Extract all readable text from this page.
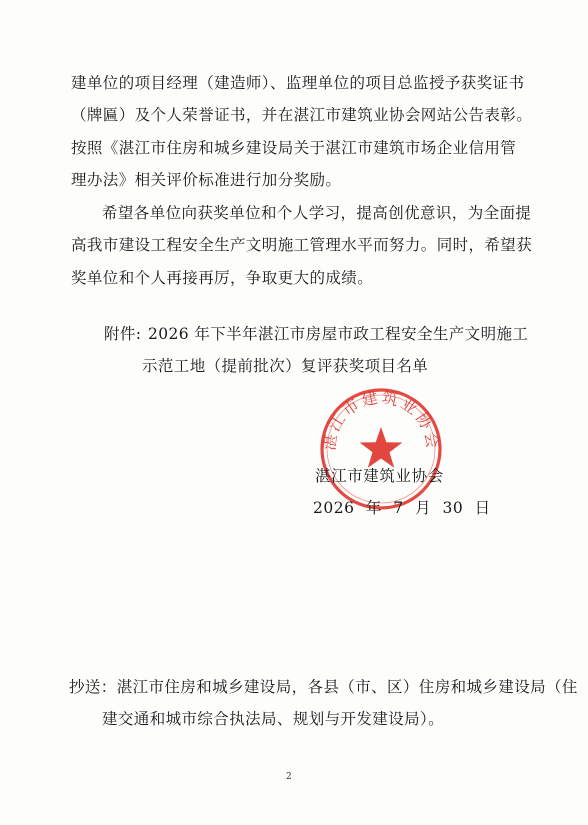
建单位的项目经理（建造师）、监理单位的项目总监授予获奖证书
（牌匾）及个人荣誉证书，并在湛江市建筑业协会网站公告表彰。
按照《湛江市住房和城乡建设局关于湛江市建筑市场企业信用管
理办法》相关评价标准进行加分奖励。
希望各单位向获奖单位和个人学习，提高创优意识，为全面提
高我市建设工程安全生产文明施工管理水平而努力。同时，希望获
奖单位和个人再接再厉，争取更大的成绩。
附件: 2026 年下半年湛江市房屋市政工程安全生产文明施工
示范工地（提前批次）复评获奖项目名单
湛江市建筑业协会
湛江市建筑业协会
2026 年 7 月 30 日
抄送：湛江市住房和城乡建设局，各县（市、区）住房和城乡建设局（住
建交通和城市综合执法局、规划与开发建设局）。
2
